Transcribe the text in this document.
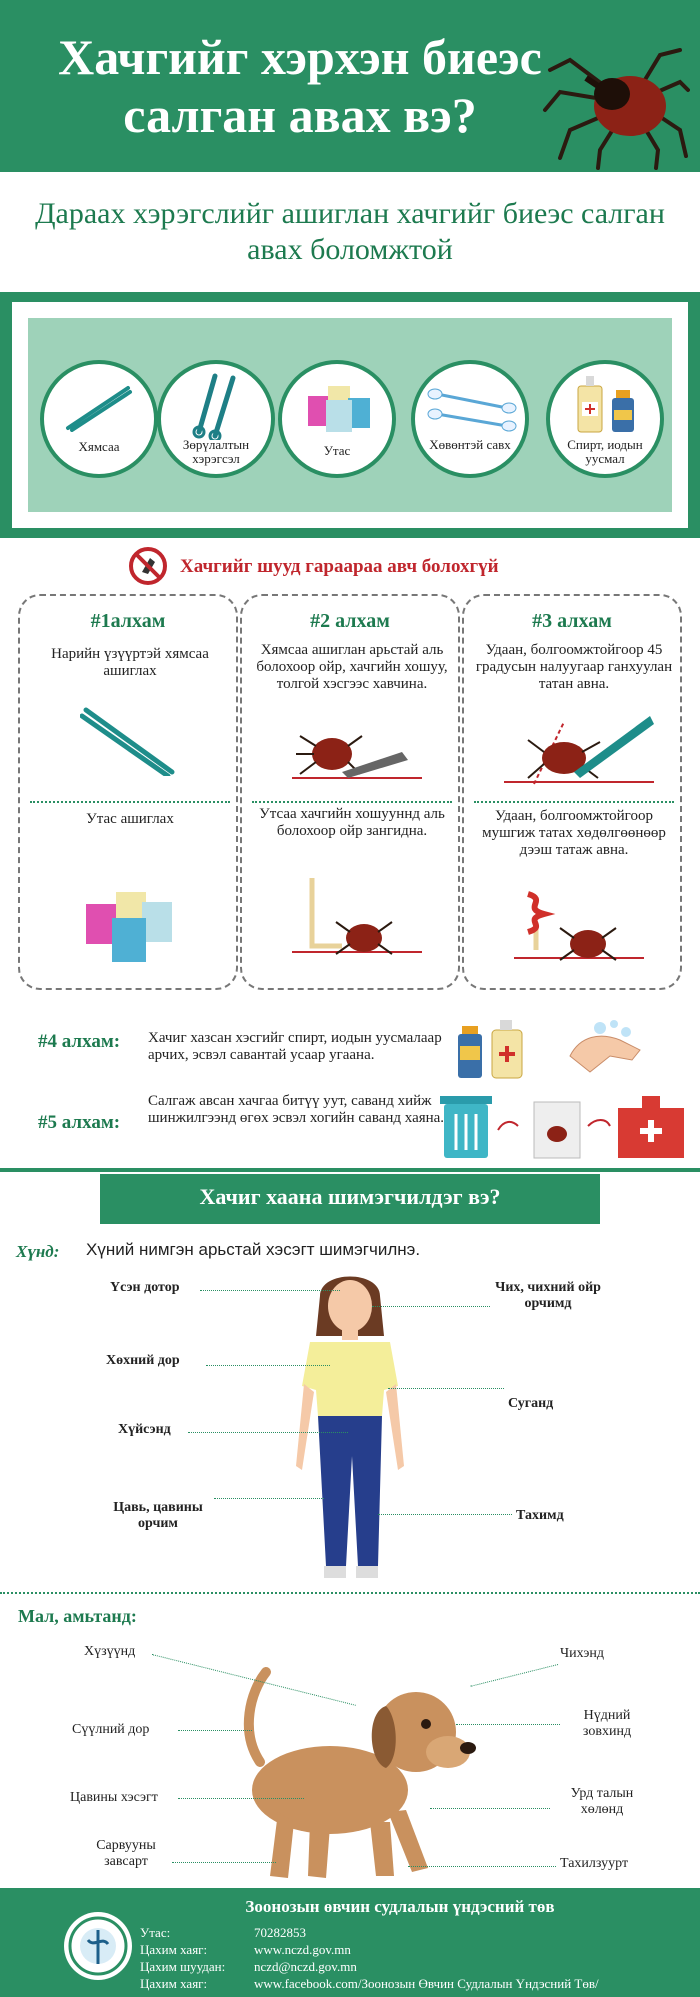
Хачгийг хэрхэн биеэс салган авах вэ?
Дараах хэрэгслийг ашиглан хачгийг биеэс салган авах боломжтой
Хямсаа	Зөрүлалтын хэрэгсэл
Утас	Хөвөнтэй савх	Спирт, иодын уусмал
Хачгийг шууд гараараа авч болохгүй
#1алхам
Нарийн үзүүртэй хямсаа ашиглах
Утас ашиглах
#2 алхам
Хямсаа ашиглан арьстай аль болохоор ойр, хачгийн хошуу, толгой хэсгээс хавчина.
Утсаа хачгийн хошууннд аль болохоор ойр зангидна.
#3 алхам
Удаан, болгоомжтойгоор 45 градусын налуугаар ганхуулан татан авна.
Удаан, болгоомжтойгоор мушгиж татах хөдөлгөөнөөр дээш татаж авна.
#4 алхам: Хачиг хазсан хэсгийг спирт, иодын уусмалаар арчих, эсвэл савантай усаар угаана.
#5 алхам:
Салгаж авсан хачгаа битүү уут, саванд хийж шинжилгээнд өгөх эсвэл хогийн саванд хаяна.
Хачиг хаана шимэгчилдэг вэ?
Хүнд: Хүний нимгэн арьстай хэсэгт шимэгчилнэ.
Үсэн дотор	Чих, чихний ойр орчимд
Хөхний дор
Суганд
Хүйсэнд
Цавь, цавины орчим
Тахимд
Мал, амьтанд:
Хүзүүнд	Чихэнд
Сүүлний дор
Нүдний зовхинд
Цавины хэсэгт	Урд талын хөлөнд
Сарвууны завсарт	Тахилзуурт
Зоонозын өвчин судлалын үндэсний төв
Утас:	70282853
Цахим хаяг:	www.nczd.gov.mn
Цахим шуудан: nczd@nczd.gov.mn
Цахим хаяг:	www.facebook.com/Зоонозын Өвчин Судлалын Үндэсний Төв/
